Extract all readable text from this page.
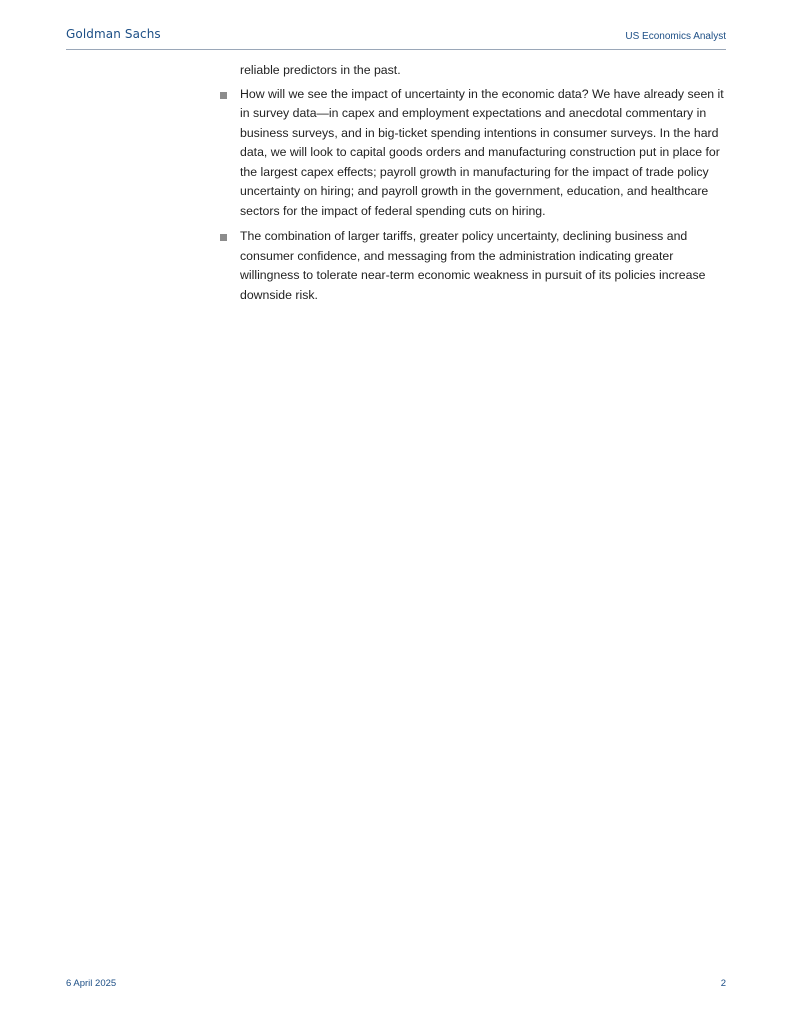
Goldman Sachs	US Economics Analyst

reliable predictors in the past.

How will we see the impact of uncertainty in the economic data? We have already seen it in survey data—in capex and employment expectations and anecdotal commentary in business surveys, and in big-ticket spending intentions in consumer surveys. In the hard data, we will look to capital goods orders and manufacturing construction put in place for the largest capex effects; payroll growth in manufacturing for the impact of trade policy uncertainty on hiring; and payroll growth in the government, education, and healthcare sectors for the impact of federal spending cuts on hiring.
The combination of larger tariffs, greater policy uncertainty, declining business and consumer confidence, and messaging from the administration indicating greater willingness to tolerate near-term economic weakness in pursuit of its policies increase downside risk.
6 April 2025	2
